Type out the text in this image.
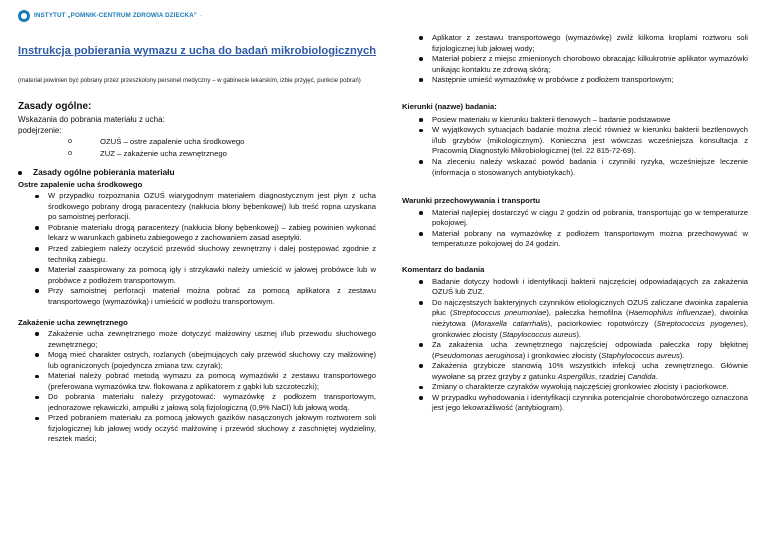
INSTYTUT „POMNIK-CENTRUM ZDROWIA DZIECKA” -
Instrukcja pobierania wymazu z ucha do badań mikrobiologicznych
(materiał powinien być pobrany przez przeszkolony personel medyczny – w gabinecie lekarskim, izbie przyjęć, punkcie pobrań)
Zasady ogólne:
Wskazania do pobrania materiału z ucha:
podejrzenie:
o OZUŚ – ostre zapalenie ucha środkowego
o ZUZ – zakażenie ucha zewnętrznego
Zasady ogólne pobierania materiału
Ostre zapalenie ucha środkowego
W przypadku rozpoznania OZUŚ wiarygodnym materiałem diagnostycznym jest płyn z ucha środkowego pobrany drogą paracentezy (nakłucia błony bębenkowej) lub treść ropna uzyskana po samoistnej perforacji.
Pobranie materiału drogą paracentezy (nakłucia błony bębenkowej) – zabieg powinien wykonać lekarz w warunkach gabinetu zabiegowego z zachowaniem zasad aseptyki.
Przed zabiegiem należy oczyścić przewód słuchowy zewnętrzny i dalej postępować zgodnie z techniką zabiegu.
Materiał zaaspirowany za pomocą igły i strzykawki należy umieścić w jałowej probówce lub w probówce z podłożem transportowym.
Przy samoistnej perforacji materiał można pobrać za pomocą aplikatora z zestawu transportowego (wymazówką) i umieścić w podłożu transportowym.
Zakażenie ucha zewnętrznego
Zakażenie ucha zewnętrznego może dotyczyć małżowiny usznej i/lub przewodu słuchowego zewnętrznego;
Mogą mieć charakter ostrych, rozlanych (obejmujących cały przewód słuchowy czy małżowinę) lub ograniczonych (pojedyncza zmiana tzw. czyrak);
Materiał należy pobrać metodą wymazu za pomocą wymazówki z zestawu transportowego (preferowana wymazówka tzw. flokowana z aplikatorem z gąbki lub szczoteczki);
Do pobrania materiału należy przygotować: wymazówkę z podłożem transportowym, jednorazowe rękawiczki, ampułki z jałową solą fizjologiczną (0,9% NaCl) lub jałową wodą.
Przed pobraniem materiału za pomocą jałowych gazików nasączonych jałowym roztworem soli fizjologicznej lub jałowej wody oczyść małżowinę i przewód słuchowy z zaschniętej wydzieliny, resztek maści;
Aplikator z zestawu transportowego (wymazówkę) zwilż kilkoma kroplami roztworu soli fizjologicznej lub jałowej wody;
Materiał pobierz z miejsc zmienionych chorobowo obracając kilkukrotnie aplikator wymazówki unikając kontaktu ze zdrową skórą;
Następnie umieść wymazówkę w probówce z podłożem transportowym;
Kierunki (nazwe) badania:
Posiew materiału w kierunku bakterii tlenowych – badanie podstawowe
W wyjątkowych sytuacjach badanie można zlecić również w kierunku bakterii beztlenowych i/lub grzybów (mikologicznym). Konieczna jest wówczas wcześniejsza konsultacja z Pracownią Diagnostyki Mikrobiologicznej (tel. 22 815-72-69).
Na zleceniu należy wskazać powód badania i czynniki ryzyka, wcześniejsze leczenie (informacja o stosowanych antybiotykach).
Warunki przechowywania i transportu
Materiał najlepiej dostarczyć w ciągu 2 godzin od pobrania, transportując go w temperaturze pokojowej.
Materiał pobrany na wymazówkę z podłożem transportowym można przechowywać w temperaturze pokojowej do 24 godzin.
Komentarz do badania
Badanie dotyczy hodowli i identyfikacji bakterii najczęściej odpowiadających za zakażenia OZUŚ lub ZUZ.
Do najczęstszych bakteryjnych czynników etiologicznych OZUŚ zaliczane dwoinka zapalenia płuc (Streptococcus pneumoniae), pałeczka hemofilna (Haemophilus influenzae), dwoinka nieżytowa (Moraxella catarrhalis), paciorkowiec ropotwórczy (Streptococcus pyogenes), gronkowiec złocisty (Stapylococcus aureus).
Za zakażenia ucha zewnętrznego najczęściej odpowiada pałeczka ropy błękitnej (Pseudomonas aeruginosa) i gronkowiec złocisty (Staphylococcus aureus).
Zakażenia grzybicze stanowią 10% wszystkich infekcji ucha zewnętrznego. Głównie wywołane są przez grzyby z gatunku Aspergillus, rzadziej Candida.
Zmiany o charakterze czyraków wywołują najczęściej gronkowiec złocisty i paciorkowce.
W przypadku wyhodowania i identyfikacji czynnika potencjalnie chorobotwórczego oznaczona jest jego lekowrażliwość (antybiogram).
